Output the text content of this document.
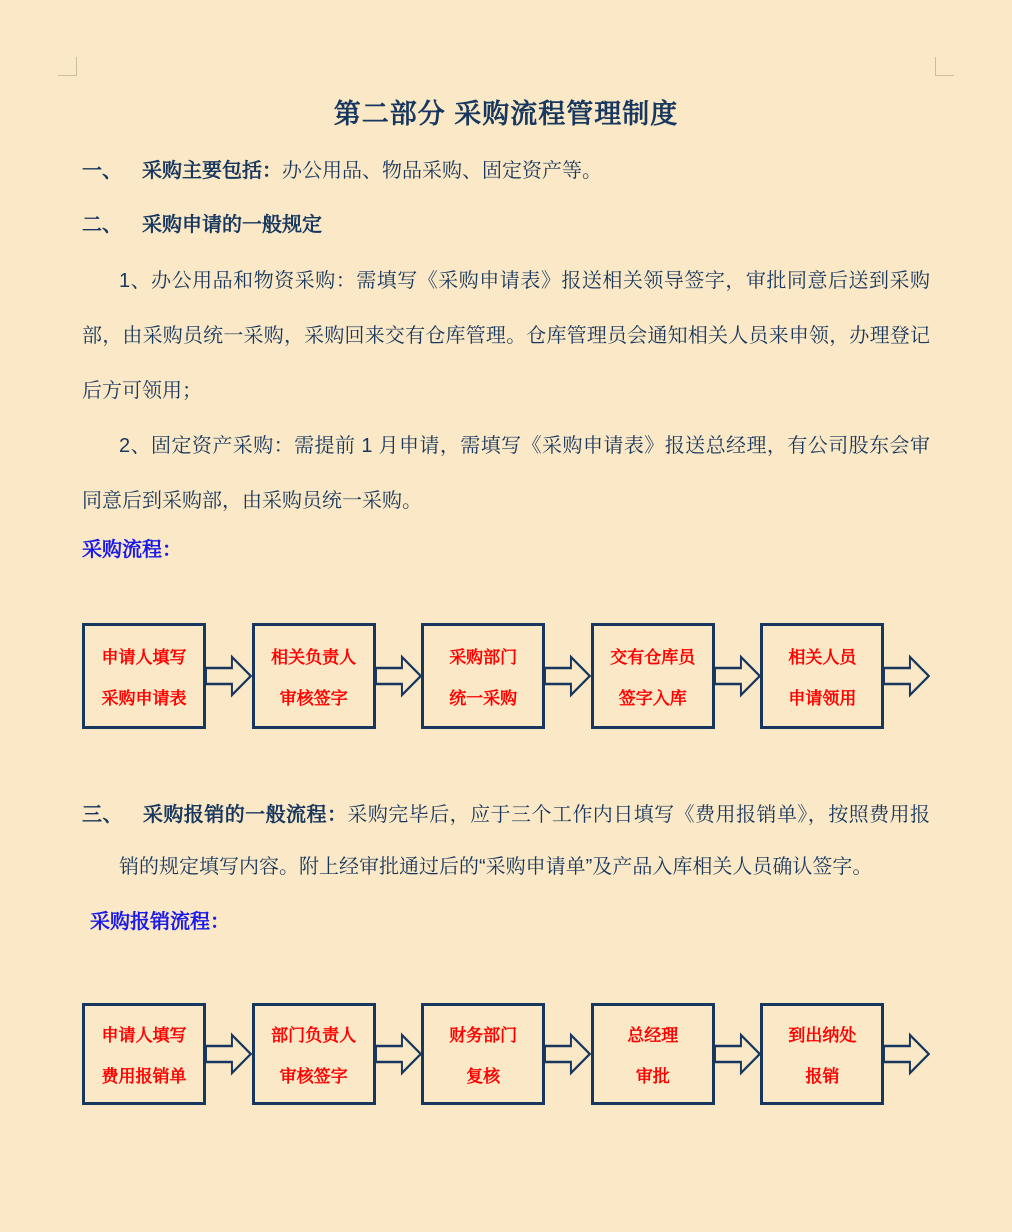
第二部分 采购流程管理制度
一、 采购主要包括：办公用品、物品采购、固定资产等。
二、 采购申请的一般规定

1、办公用品和物资采购：需填写《采购申请表》报送相关领导签字，审批同意后送到采购部，由采购员统一采购，采购回来交有仓库管理。仓库管理员会通知相关人员来申领，办理登记后方可领用；

2、固定资产采购：需提前 1 月申请，需填写《采购申请表》报送总经理，有公司股东会审同意后到采购部，由采购员统一采购。

采购流程：
申请人填写
采购申请表
相关负责人
审核签字
采购部门
统一采购
交有仓库员
签字入库
相关人员
申请领用

三、 采购报销的一般流程：采购完毕后，应于三个工作内日填写《费用报销单》，按照费用报销的规定填写内容。附上经审批通过后的“采购申请单”及产品入库相关人员确认签字。

采购报销流程：
申请人填写
费用报销单
部门负责人
审核签字
财务部门
复核
总经理
审批
到出纳处
报销
